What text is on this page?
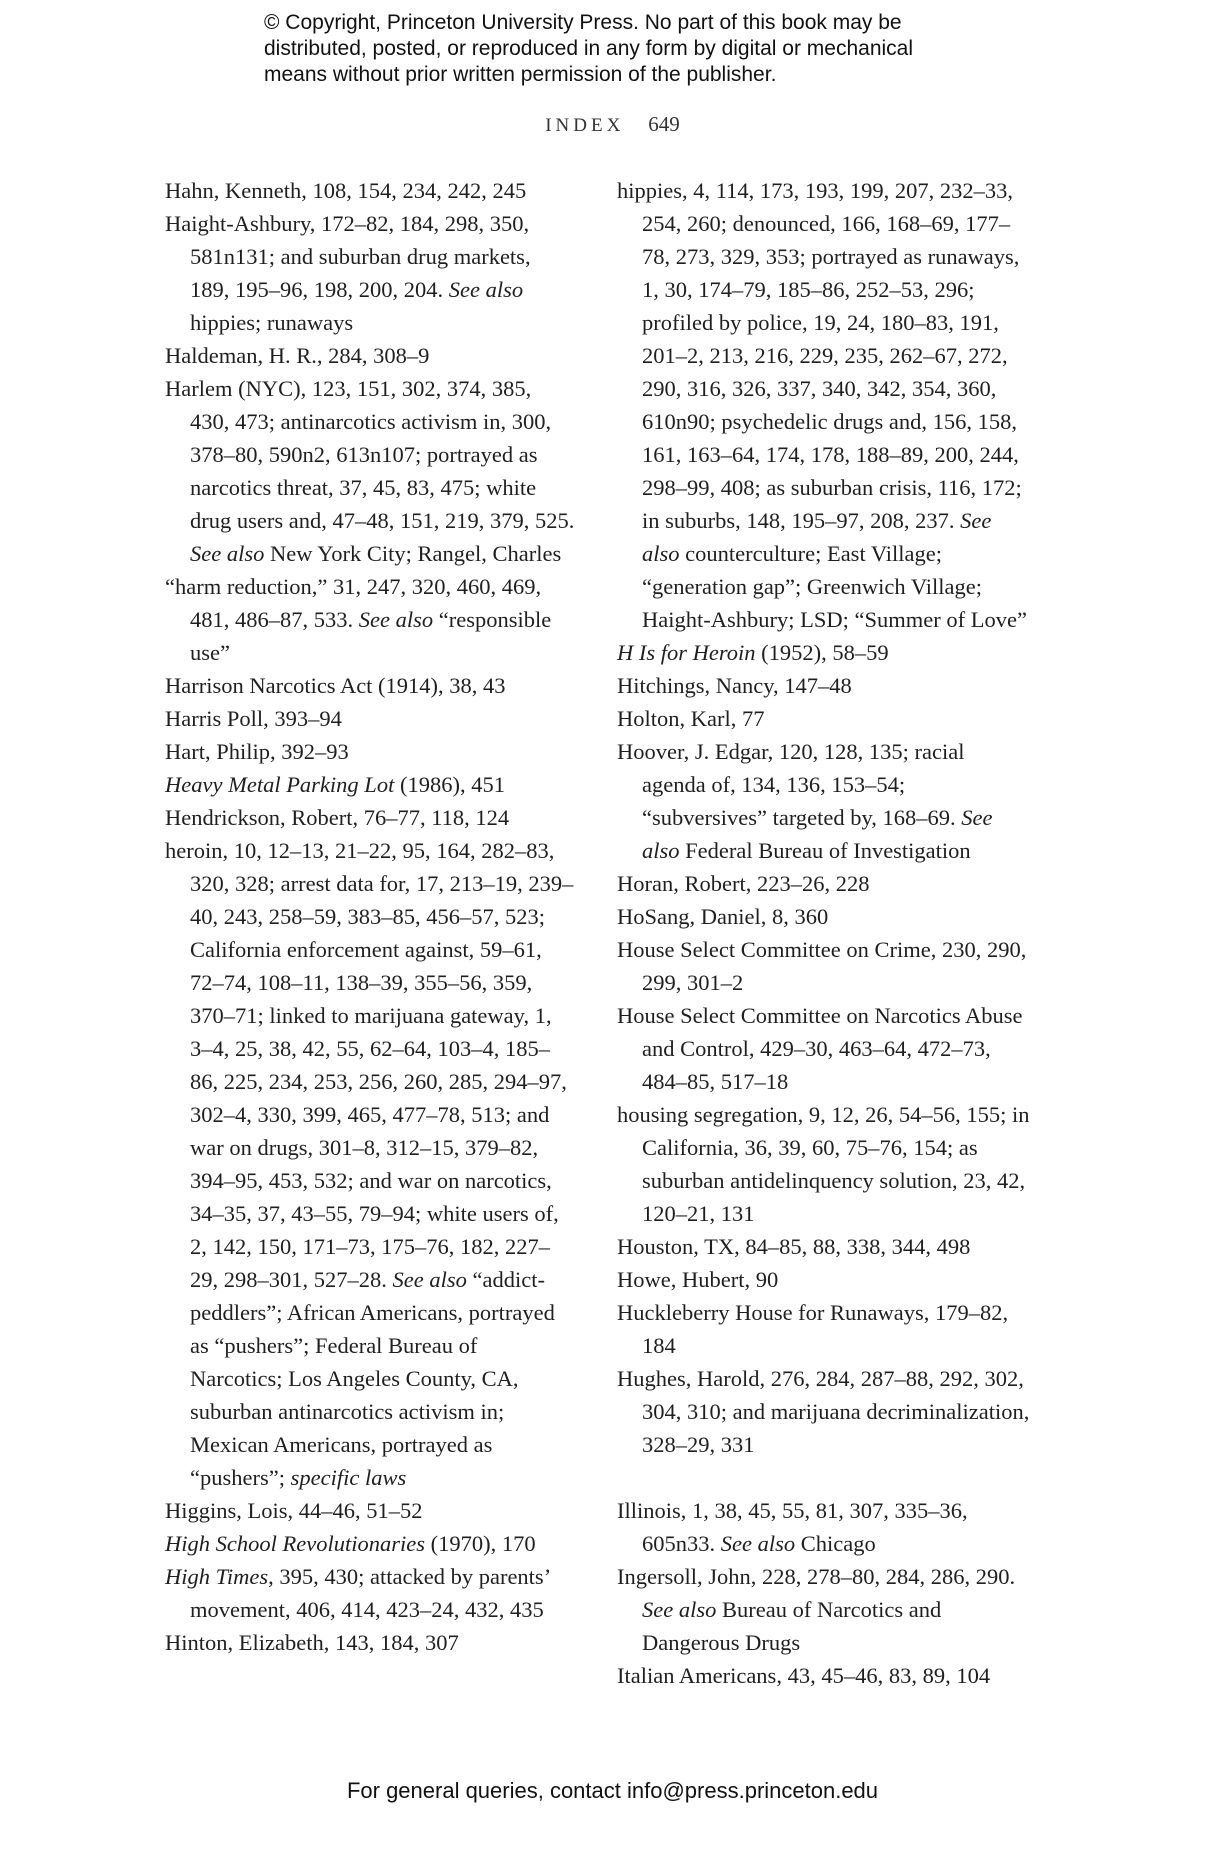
© Copyright, Princeton University Press. No part of this book may be
distributed, posted, or reproduced in any form by digital or mechanical
means without prior written permission of the publisher.
INDEX 649

Hahn, Kenneth, 108, 154, 234, 242, 245

Haight-Ashbury, 172–82, 184, 298, 350, 581n131; and suburban drug markets, 189, 195–96, 198, 200, 204. See also hippies; runaways

Haldeman, H. R., 284, 308–9

Harlem (NYC), 123, 151, 302, 374, 385, 430, 473; antinarcotics activism in, 300, 378–80, 590n2, 613n107; portrayed as narcotics threat, 37, 45, 83, 475; white drug users and, 47–48, 151, 219, 379, 525. See also New York City; Rangel, Charles

“harm reduction,” 31, 247, 320, 460, 469, 481, 486–87, 533. See also “responsible use”

Harrison Narcotics Act (1914), 38, 43

Harris Poll, 393–94

Hart, Philip, 392–93

Heavy Metal Parking Lot (1986), 451

Hendrickson, Robert, 76–77, 118, 124

heroin, 10, 12–13, 21–22, 95, 164, 282–83, 320, 328; arrest data for, 17, 213–19, 239–40, 243, 258–59, 383–85, 456–57, 523; California enforcement against, 59–61, 72–74, 108–11, 138–39, 355–56, 359, 370–71; linked to marijuana gateway, 1, 3–4, 25, 38, 42, 55, 62–64, 103–4, 185–86, 225, 234, 253, 256, 260, 285, 294–97, 302–4, 330, 399, 465, 477–78, 513; and war on drugs, 301–8, 312–15, 379–82, 394–95, 453, 532; and war on narcotics, 34–35, 37, 43–55, 79–94; white users of, 2, 142, 150, 171–73, 175–76, 182, 227–29, 298–301, 527–28. See also “addict-peddlers”; African Americans, portrayed as “pushers”; Federal Bureau of Narcotics; Los Angeles County, CA, suburban antinarcotics activism in; Mexican Americans, portrayed as “pushers”; specific laws

Higgins, Lois, 44–46, 51–52

High School Revolutionaries (1970), 170

High Times, 395, 430; attacked by parents’ movement, 406, 414, 423–24, 432, 435

Hinton, Elizabeth, 143, 184, 307

hippies, 4, 114, 173, 193, 199, 207, 232–33, 254, 260; denounced, 166, 168–69, 177–78, 273, 329, 353; portrayed as runaways, 1, 30, 174–79, 185–86, 252–53, 296; profiled by police, 19, 24, 180–83, 191, 201–2, 213, 216, 229, 235, 262–67, 272, 290, 316, 326, 337, 340, 342, 354, 360, 610n90; psychedelic drugs and, 156, 158, 161, 163–64, 174, 178, 188–89, 200, 244, 298–99, 408; as suburban crisis, 116, 172; in suburbs, 148, 195–97, 208, 237. See also counterculture; East Village; “generation gap”; Greenwich Village; Haight-Ashbury; LSD; “Summer of Love”

H Is for Heroin (1952), 58–59

Hitchings, Nancy, 147–48

Holton, Karl, 77

Hoover, J. Edgar, 120, 128, 135; racial agenda of, 134, 136, 153–54; “subversives” targeted by, 168–69. See also Federal Bureau of Investigation

Horan, Robert, 223–26, 228

HoSang, Daniel, 8, 360

House Select Committee on Crime, 230, 290, 299, 301–2

House Select Committee on Narcotics Abuse and Control, 429–30, 463–64, 472–73, 484–85, 517–18

housing segregation, 9, 12, 26, 54–56, 155; in California, 36, 39, 60, 75–76, 154; as suburban antidelinquency solution, 23, 42, 120–21, 131

Houston, TX, 84–85, 88, 338, 344, 498

Howe, Hubert, 90

Huckleberry House for Runaways, 179–82, 184

Hughes, Harold, 276, 284, 287–88, 292, 302, 304, 310; and marijuana decriminalization, 328–29, 331

Illinois, 1, 38, 45, 55, 81, 307, 335–36, 605n33. See also Chicago

Ingersoll, John, 228, 278–80, 284, 286, 290. See also Bureau of Narcotics and Dangerous Drugs

Italian Americans, 43, 45–46, 83, 89, 104

For general queries, contact info@press.princeton.edu
